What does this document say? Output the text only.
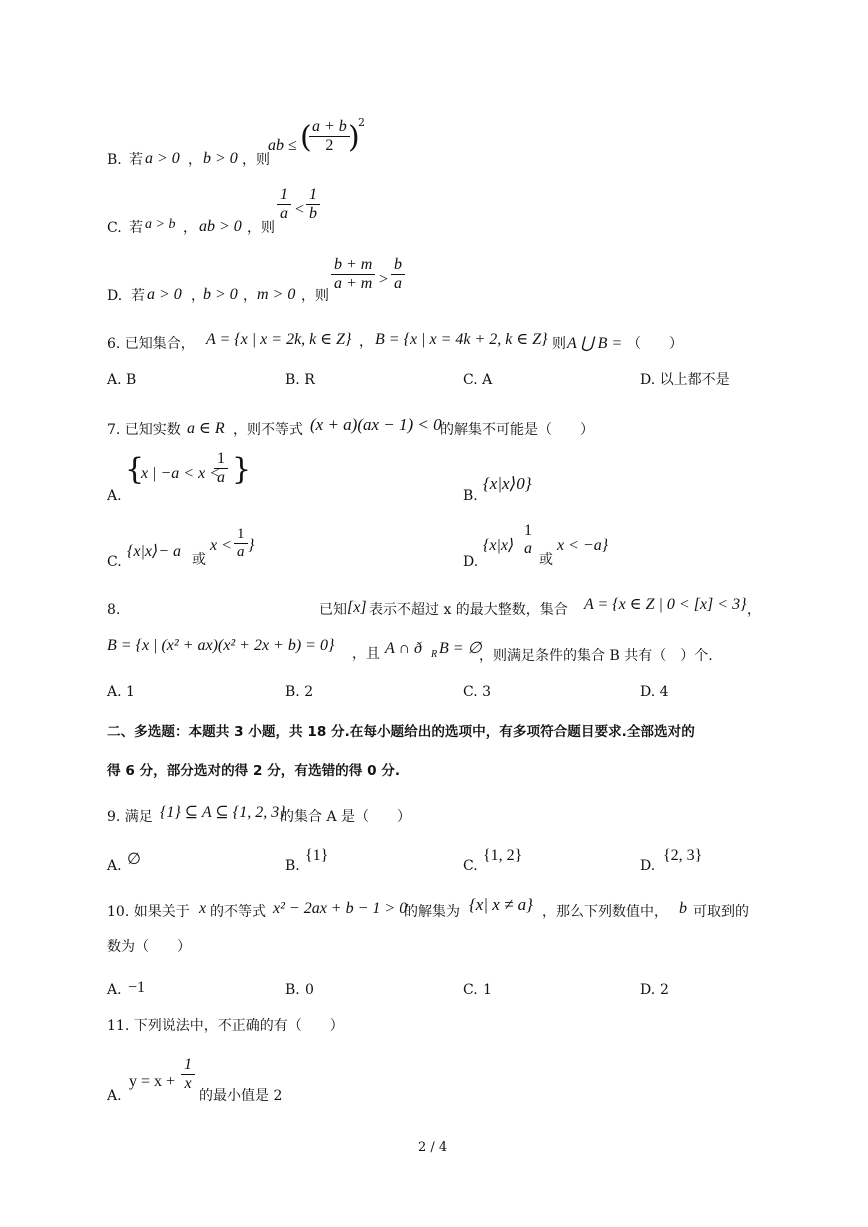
B. 若 a > 0 ， b > 0 ，则
ab ≤ (
$\frac{a + b}{2}$
)
2
C. 若 a > b ， ab > 0 ，则
$\frac{1}{a} < \frac{1}{b}$
D. 若 a > 0 ，
b > 0 ， m > 0 ，则
$\frac{b + m}{a + m} > \frac{b}{a}$
6. 已知集合， A = {x | x = 2k, k ∈ Z} ， B = {x | x = 4k + 2, k ∈ Z} 则 A ⋃ B = （　　）
A. B	B. R	C. A	D. 以上都不是
7. 已知实数 a ∈ R ，则不等式 (x + a)(ax − 1) < 0
的解集不可能是（　　）
A.
{
x | −a < x <
$\frac{1}{a}$ }
B.
{x|x⟩0}
C.
{x|x⟩− a 或
$x < \frac{1}{a}$ }
D.
{x|x⟩
1
a
或
x < −a}
8.	已知 [x] 表示不超过 x 的最大整数，集合 A = {x ∈ Z | 0 < [x] < 3} ，
B = {x | (x² + ax)(x² + 2x + b) = 0} ，且 A ∩ ð R B = ∅
，则满足条件的集合 B 共有（　）个.
A. 1	B. 2	C. 3	D. 4
二、多选题：本题共 3 小题，共 18 分.在每小题给出的选项中，有多项符合题目要求.全部选对的
得 6 分，部分选对的得 2 分，有选错的得 0 分.
9. 满足 {1} ⊆ A ⊆ {1, 2, 3}
的集合 A 是（　　）
A. ∅	B.
{1}
C.
{1, 2}
D.
{2, 3}
10. 如果关于 x 的不等式 x² − 2ax + b − 1 > 0
的解集为 {x| x ≠ a} ，那么下列数值中， b 可取到的
数为（　　）
A. −1	B. 0	C. 1	D. 2
11. 下列说法中，不正确的有（　　）
A.
$y = x + \frac{1}{x}$
的最小值是 2
2 / 4
